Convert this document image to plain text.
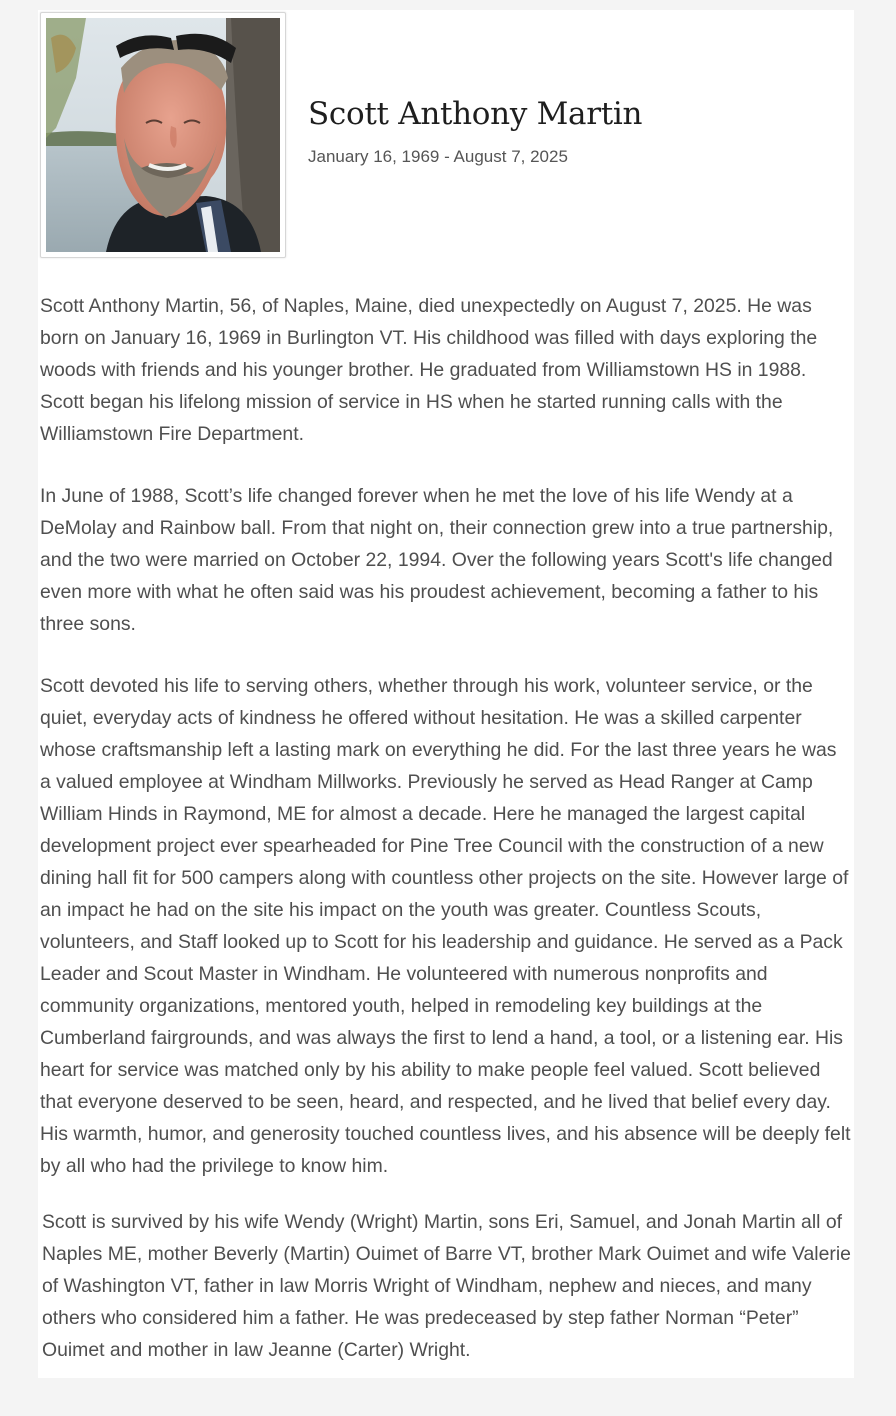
Scott Anthony Martin
January 16, 1969 - August 7, 2025

Scott Anthony Martin, 56, of Naples, Maine, died unexpectedly on August 7, 2025. He was born on January 16, 1969 in Burlington VT. His childhood was filled with days exploring the woods with friends and his younger brother. He graduated from Williamstown HS in 1988. Scott began his lifelong mission of service in HS when he started running calls with the Williamstown Fire Department.

In June of 1988, Scott’s life changed forever when he met the love of his life Wendy at a DeMolay and Rainbow ball. From that night on, their connection grew into a true partnership, and the two were married on October 22, 1994. Over the following years Scott's life changed even more with what he often said was his proudest achievement, becoming a father to his three sons.

Scott devoted his life to serving others, whether through his work, volunteer service, or the quiet, everyday acts of kindness he offered without hesitation. He was a skilled carpenter whose craftsmanship left a lasting mark on everything he did. For the last three years he was a valued employee at Windham Millworks. Previously he served as Head Ranger at Camp William Hinds in Raymond, ME for almost a decade. Here he managed the largest capital development project ever spearheaded for Pine Tree Council with the construction of a new dining hall fit for 500 campers along with countless other projects on the site. However large of an impact he had on the site his impact on the youth was greater. Countless Scouts, volunteers, and Staff looked up to Scott for his leadership and guidance. He served as a Pack Leader and Scout Master in Windham. He volunteered with numerous nonprofits and community organizations, mentored youth, helped in remodeling key buildings at the Cumberland fairgrounds, and was always the first to lend a hand, a tool, or a listening ear. His heart for service was matched only by his ability to make people feel valued. Scott believed that everyone deserved to be seen, heard, and respected, and he lived that belief every day. His warmth, humor, and generosity touched countless lives, and his absence will be deeply felt by all who had the privilege to know him.

Scott is survived by his wife Wendy (Wright) Martin, sons Eri, Samuel, and Jonah Martin all of Naples ME, mother Beverly (Martin) Ouimet of Barre VT, brother Mark Ouimet and wife Valerie of Washington VT, father in law Morris Wright of Windham, nephew and nieces, and many others who considered him a father. He was predeceased by step father Norman “Peter” Ouimet and mother in law Jeanne (Carter) Wright.
